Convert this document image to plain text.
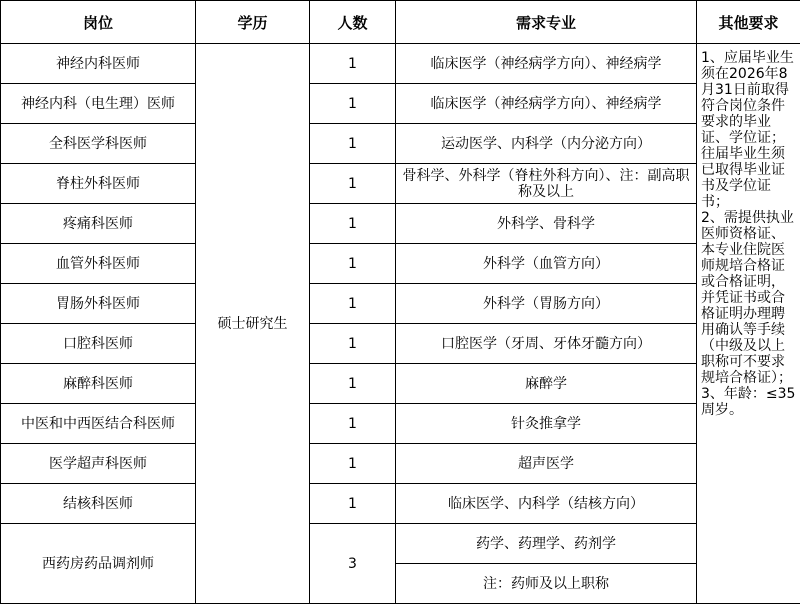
岗位	学历	人数	需求专业	其他要求
神经内科医师	硕士研究生	1	临床医学（神经病学方向）、神经病学	1、应届毕业生须在2026年8月31日前取得符合岗位条件要求的毕业证、学位证；往届毕业生须已取得毕业证书及学位证书；
2、需提供执业医师资格证、本专业住院医师规培合格证或合格证明，并凭证书或合格证明办理聘用确认等手续（中级及以上职称可不要求规培合格证）；
3、年龄：≤35周岁。

神经内科（电生理）医师		1	临床医学（神经病学方向）、神经病学	
全科医学科医师		1	运动医学、内科学（内分泌方向）	
脊柱外科医师		1	骨科学、外科学（脊柱外科方向）、注：副高职称及以上	
疼痛科医师		1	外科学、骨科学	
血管外科医师		1	外科学（血管方向）	
胃肠外科医师		1	外科学（胃肠方向）	
口腔科医师		1	口腔医学（牙周、牙体牙髓方向）	
麻醉科医师		1	麻醉学	
中医和中西医结合科医师		1	针灸推拿学	
医学超声科医师		1	超声医学	
结核科医师		1	临床医学、内科学（结核方向）	
西药房药品调剂师		3	药学、药理学、药剂学	
			注：药师及以上职称	
